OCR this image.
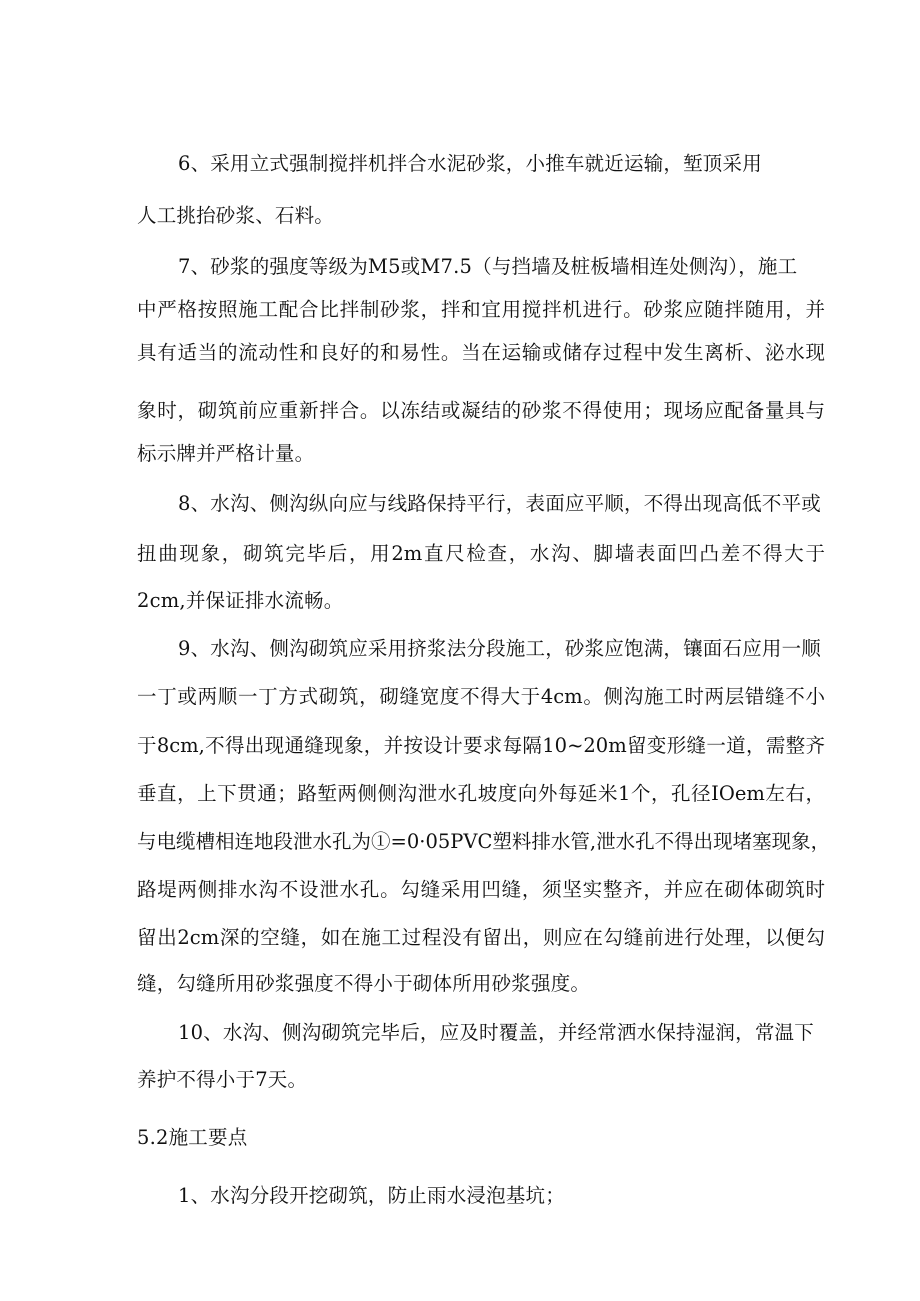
6、采用立式强制搅拌机拌合水泥砂浆，小推车就近运输，堑顶采用
人工挑抬砂浆、石料。
7、砂浆的强度等级为M5或M7.5（与挡墙及桩板墙相连处侧沟），施工
中严格按照施工配合比拌制砂浆，拌和宜用搅拌机进行。砂浆应随拌随用，并
具有适当的流动性和良好的和易性。当在运输或储存过程中发生离析、泌水现
象时，砌筑前应重新拌合。以冻结或凝结的砂浆不得使用；现场应配备量具与
标示牌并严格计量。
8、水沟、侧沟纵向应与线路保持平行，表面应平顺，不得出现高低不平或
扭曲现象，砌筑完毕后，用2m直尺检查，水沟、脚墙表面凹凸差不得大于
2cm,并保证排水流畅。
9、水沟、侧沟砌筑应采用挤浆法分段施工，砂浆应饱满，镶面石应用一顺
一丁或两顺一丁方式砌筑，砌缝宽度不得大于4cm。侧沟施工时两层错缝不小
于8cm,不得出现通缝现象，并按设计要求每隔10~20m留变形缝一道，需整齐
垂直，上下贯通；路堑两侧侧沟泄水孔坡度向外每延米1个，孔径IOem左右，
与电缆槽相连地段泄水孔为①=0·05PVC塑料排水管,泄水孔不得出现堵塞现象，
路堤两侧排水沟不设泄水孔。勾缝采用凹缝，须坚实整齐，并应在砌体砌筑时
留出2cm深的空缝，如在施工过程没有留出，则应在勾缝前进行处理，以便勾
缝，勾缝所用砂浆强度不得小于砌体所用砂浆强度。
10、水沟、侧沟砌筑完毕后，应及时覆盖，并经常洒水保持湿润，常温下
养护不得小于7天。
5.2施工要点
1、水沟分段开挖砌筑，防止雨水浸泡基坑；
